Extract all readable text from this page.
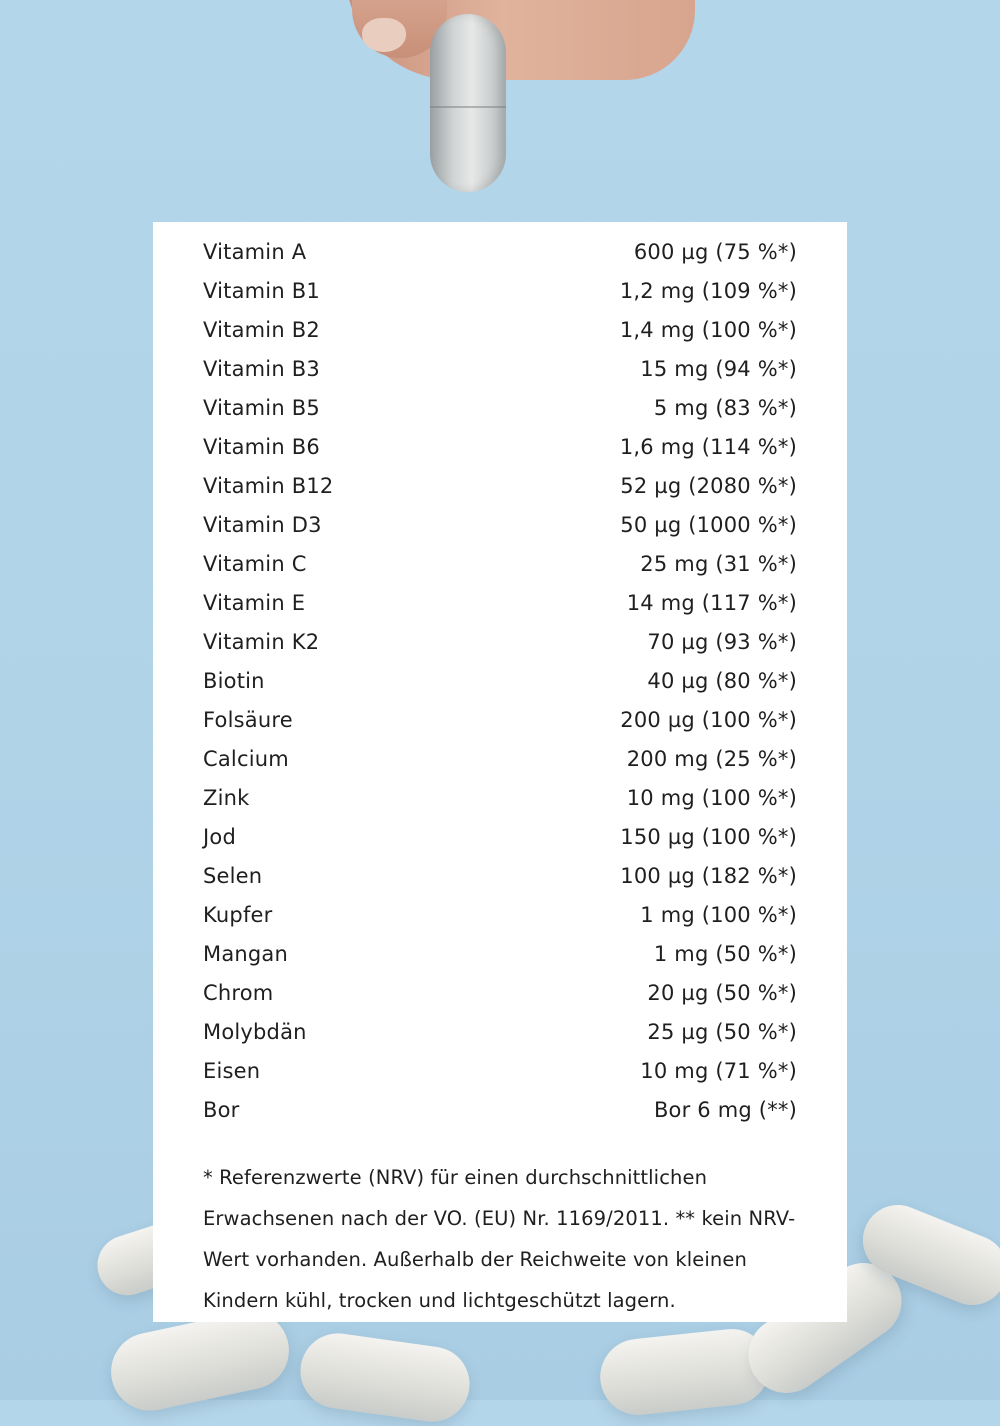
Vitamin A	600 µg (75 %*)
Vitamin B1	1,2 mg (109 %*)
Vitamin B2	1,4 mg (100 %*)
Vitamin B3	15 mg (94 %*)
Vitamin B5	5 mg (83 %*)
Vitamin B6	1,6 mg (114 %*)
Vitamin B12	52 µg (2080 %*)
Vitamin D3	50 µg (1000 %*)
Vitamin C	25 mg (31 %*)
Vitamin E	14 mg (117 %*)
Vitamin K2	70 µg (93 %*)
Biotin	40 µg (80 %*)
Folsäure	200 µg (100 %*)
Calcium	200 mg (25 %*)
Zink	10 mg (100 %*)
Jod	150 µg (100 %*)
Selen	100 µg (182 %*)
Kupfer	1 mg (100 %*)
Mangan	1 mg (50 %*)
Chrom	20 µg (50 %*)
Molybdän	25 µg (50 %*)
Eisen	10 mg (71 %*)
Bor	Bor 6 mg (**)

* Referenzwerte (NRV) für einen durchschnittlichen Erwachsenen nach der VO. (EU) Nr. 1169/2011. ** kein NRV-Wert vorhanden. Außerhalb der Reichweite von kleinen Kindern kühl, trocken und lichtgeschützt lagern.
